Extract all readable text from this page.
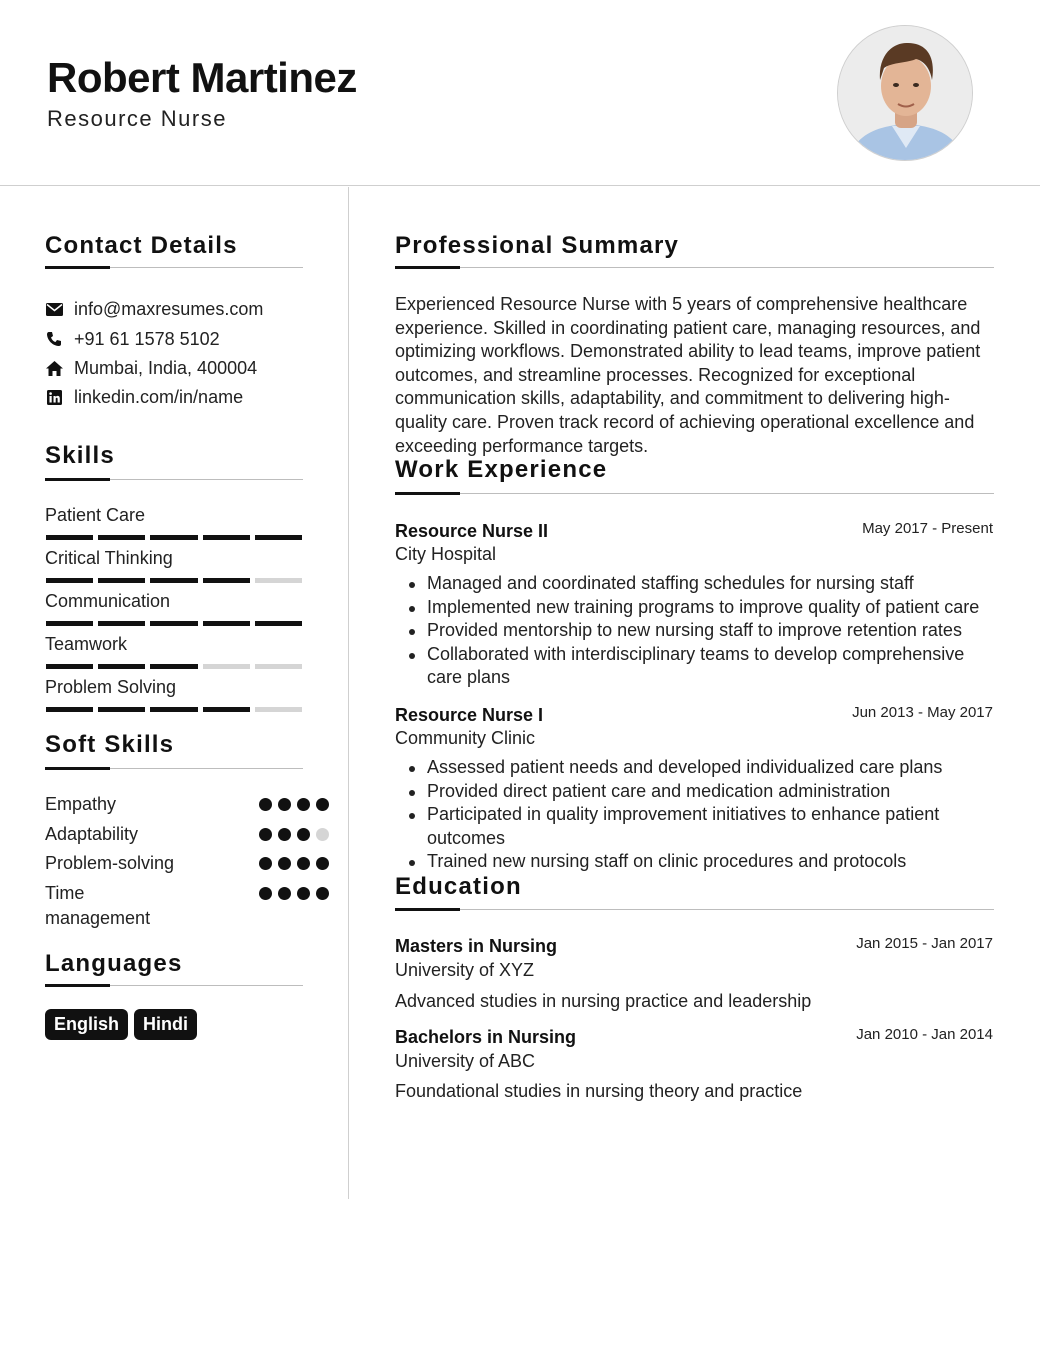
Robert Martinez
Resource Nurse
Contact Details
info@maxresumes.com
+91 61 1578 5102
Mumbai, India, 400004
linkedin.com/in/name
Skills
Patient Care
Critical Thinking
Communication
Teamwork
Problem Solving
Soft Skills
Empathy
Adaptability
Problem-solving
Time management
Languages
English	Hindi
Professional Summary
Experienced Resource Nurse with 5 years of comprehensive healthcare experience. Skilled in coordinating patient care, managing resources, and optimizing workflows. Demonstrated ability to lead teams, improve patient outcomes, and streamline processes. Recognized for exceptional communication skills, adaptability, and commitment to delivering high-quality care. Proven track record of achieving operational excellence and exceeding performance targets.
Work Experience
Resource Nurse II	May 2017 - Present
City Hospital
Managed and coordinated staffing schedules for nursing staff
Implemented new training programs to improve quality of patient care
Provided mentorship to new nursing staff to improve retention rates
Collaborated with interdisciplinary teams to develop comprehensive care plans
Resource Nurse I	Jun 2013 - May 2017
Community Clinic
Assessed patient needs and developed individualized care plans
Provided direct patient care and medication administration
Participated in quality improvement initiatives to enhance patient outcomes
Trained new nursing staff on clinic procedures and protocols
Education
Masters in Nursing	Jan 2015 - Jan 2017
University of XYZ
Advanced studies in nursing practice and leadership
Bachelors in Nursing	Jan 2010 - Jan 2014
University of ABC
Foundational studies in nursing theory and practice
